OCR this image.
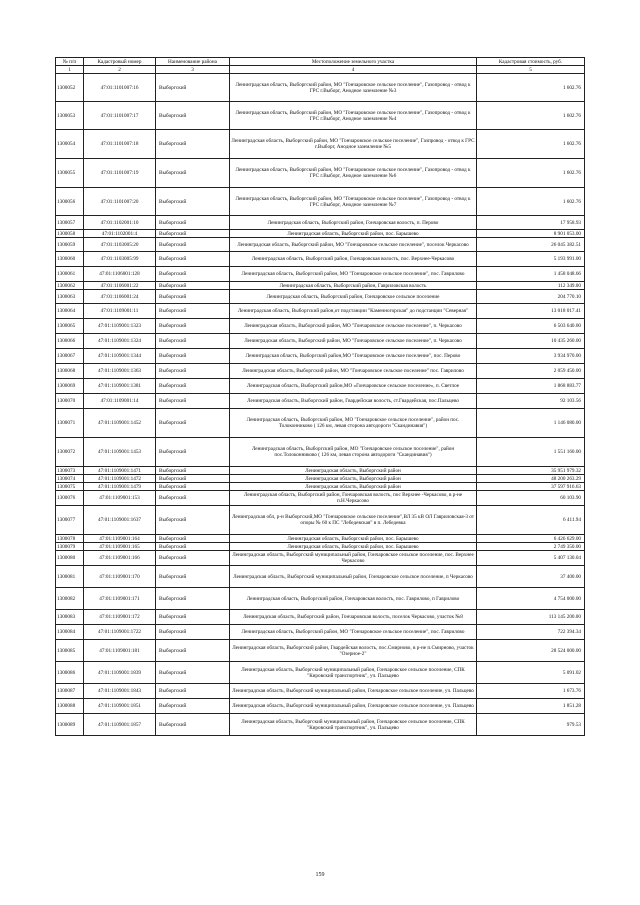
№ п/п	Кадастровый номер	Наименование района	Местоположение земельного участка	Кадастровая стоимость, руб.
1	2	3	4	5
1300052	47:01:1101007:16	Выборгский	Ленинградская область, Выборгский район, МО "Гончаровское сельское поселение", Газопровод - отвод к ГРС г.Выборг, Анодное заземление №3	1 602.76
1300053	47:01:1101007:17	Выборгский	Ленинградская область, Выборгский район, МО "Гончаровское сельское поселение", Газопровод - отвод к ГРС г.Выборг, Анодное заземление №4	1 602.76
1300054	47:01:1101007:18	Выборгский	Ленинградская область, Выборгский район, МО "Гончаровское сельское поселение", Газпровод - отвод к ГРС г.Выборг, Анодное заземление №5	1 602.76
1300055	47:01:1101007:19	Выборгский	Ленинградская область, Выборгский район, МО "Гончаровское сельское поселение", Газопровод - отвод к ГРС г.Выборг, Анодное заземление №6	1 602.76
1300056	47:01:1101007:20	Выборгский	Ленинградская область, Выборгский район, МО "Гончаровское сельское поселение", Газопровод - отвод к ГРС г.Выборг, Анодное заземление №7	1 602.76
1300057	47:01:1102001:10	Выборгский	Ленинградская область, Выборгский район, Гончаровская волость, п. Перово	17 958.93
1300058	47:01:1102001:4	Выборгский	Ленинградская область, Выборгский район, пос. Барышево	8 901 053.00
1300059	47:01:1103005:20	Выборгский	Ленинградская область, Выборгский район, МО "Гончаровское сельское поселение", поселок Черкасово	26 045 382.51
1300060	47:01:1103005:99	Выборгский	Ленинградская область, Выборгский район, Гончаровская волость, пос. Верхнее-Черкасово	5 193 991.00
1300061	47:01:1106001:128	Выборгский	Ленинградская область, Выборгский район, МО "Гончаровское сельское поселение", пос. Гаврилово	1 458 048.66
1300062	47:01:1106001:22	Выборгский	Ленинградская область, Выборгский район, Гавриловская волость	112 349.00
1300063	47:01:1106001:24	Выборгский	Ленинградская область, Выборгский район, Гончаровское сельское поселение	204 770.10
1300064	47:01:1109001:11	Выборгский	Ленинградская область, Выборгский район,от подстанции "Каменногорская" до подстанции "Северная"	13 018 017.41
1300065	47:01:1109001:1323	Выборгский	Ленинградская область, Выборгский район, МО "Гончаровское сельское поселение", п. Черкасово	6 503 640.00
1300066	47:01:1109001:1324	Выборгский	Ленинградская область, Выборгский район, МО "Гончаровское сельское поселение", п. Черкасово	10 435 260.00
1300067	47:01:1109001:1344	Выборгский	Ленинградская область, Выборгский район,МО "Гончаровское сельское поселение", пос. Перово	3 934 970.00
1300068	47:01:1109001:1363	Выборгский	Ленинградская область, Выборгский район, МО "Гончаровское сельское поселение" пос. Гаврилово	2 059 450.00
1300069	47:01:1109001:1381	Выборгский	Ленинградская область, Выборгский район,МО «Гончаровское сельское поселение», п. Светлое	1 868 883.77
1300070	47:01:1109001:14	Выборгский	Ленинградская область, Выборгский район, Гвардейская волость, ст.Гвардейская, пос.Пальцево	92 103.56
1300071	47:01:1109001:1452	Выборгский	Ленинградская область, Выборгский район, МО "Гончаровское сельское поселение", район пос. Толоконниково ( 126 км, левая сторона автодороги "Скандинавия")	1 146 080.00
1300072	47:01:1109001:1453	Выборгский	Ленинградская область, Выборгский район, МО "Гончаровское сельское поселение", район пос.Толоконниково ( 126 км, левая сторона автодороги "Скандинавия")	1 551 160.00
1300073	47:01:1109001:1471	Выборгский	Ленинградская область, Выборгский район	35 951 979.32
1300074	47:01:1109001:1472	Выборгский	Ленинградская область, Выборгский район	48 200 263.29
1300075	47:01:1109001:1479	Выборгский	Ленинградская область, Выборгский район	37 597 916.63
1300076	47:01:1109001:153	Выборгский	Ленинградская область, Выборгский район, Гончаровская волость, пос Верхнее -Черкасово, в р-не п.Н.Черкасово	60 103.90
1300077	47:01:1109001:1637	Выборгский	Ленинградская обл, р-н Выборгский,МО "Гончаровское сельское поселение",ВЛ 35 кВ ОЛ Гавриловская-3 от опоры № 60 к ПС "Лебедевская" в п. Лебедевка	6 411.94
1300078	47:01:1109001:164	Выборгский	Ленинградская область, Выборгский район, пос. Барышево	6 426 629.00
1300079	47:01:1109001:165	Выборгский	Ленинградская область, Выборгский район, пос. Барышево	2 749 350.00
1300080	47:01:1109001:166	Выборгский	Ленинградская область, Выборгский муниципальный район, Гончаровское сельское поселение, пос. Верхнее Черкасово	5 407 130.04
1300081	47:01:1109001:170	Выборгский	Ленинградская область, Выборгский муниципальный район, Гончаровское сельское поселение, п Черкасово	37 400.00
1300082	47:01:1109001:171	Выборгский	Ленинградская область, Выборгский район, Гончаровская волость, пос. Гаврилово, п Гаврилово	4 754 000.00
1300083	47:01:1109001:172	Выборгский	Ленинградская область, Выборгский район, Гончаровская волость, поселок Черкасово, участок №8	113 145 200.00
1300084	47:01:1109001:1722	Выборгский	Ленинградская область, Выборгский район, МО "Гончаровское сельское поселение", пос. Гаврилово	722 394.34
1300085	47:01:1109001:181	Выборгский	Ленинградская область, Выборгский район, Гвардейская волость, пос.Смирново, в р-не п.Смирново, участок "Озерное-2"	28 524 000.00
1300086	47:01:1109001:1839	Выборгский	Ленинградская область, Выборгский муниципальный район, Гончаровское сельское поселение, СПК "Кировский транспортник", уч. Пальцево	5 091.02
1300087	47:01:1109001:1843	Выборгский	Ленинградская область, Выборгский муниципальный район, Гончаровское сельское поселение, уч. Пальцево	1 673.76
1300088	47:01:1109001:1851	Выборгский	Ленинградская область, Выборгский муниципальный район, Гончаровское сельское поселение, уч. Пальцево	1 851.28
1300089	47:01:1109001:1857	Выборгский	Ленинградская область, Выборгский муниципальный район, Гончаровское сельское поселение, СПК "Кировский транспортник", уч. Пальцево	979.53
159
